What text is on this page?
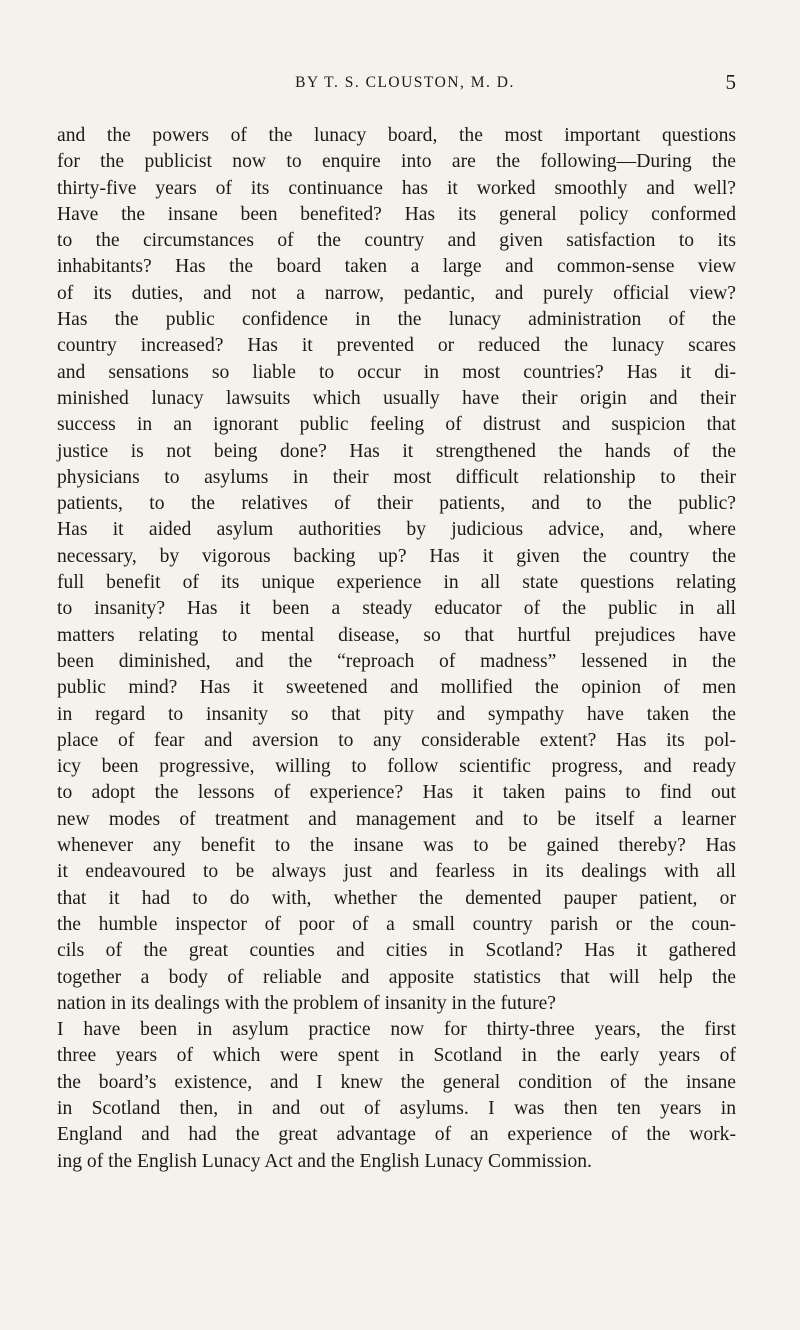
BY T. S. CLOUSTON, M. D.	5
and the powers of the lunacy board, the most important questions
for the publicist now to enquire into are the following—During the
thirty-five years of its continuance has it worked smoothly and well?
Have the insane been benefited? Has its general policy conformed
to the circumstances of the country and given satisfaction to its
inhabitants? Has the board taken a large and common-sense view
of its duties, and not a narrow, pedantic, and purely official view?
Has the public confidence in the lunacy administration of the
country increased? Has it prevented or reduced the lunacy scares
and sensations so liable to occur in most countries? Has it di-
minished lunacy lawsuits which usually have their origin and their
success in an ignorant public feeling of distrust and suspicion that
justice is not being done? Has it strengthened the hands of the
physicians to asylums in their most difficult relationship to their
patients, to the relatives of their patients, and to the public?
Has it aided asylum authorities by judicious advice, and, where
necessary, by vigorous backing up? Has it given the country the
full benefit of its unique experience in all state questions relating
to insanity? Has it been a steady educator of the public in all
matters relating to mental disease, so that hurtful prejudices have
been diminished, and the “reproach of madness” lessened in the
public mind? Has it sweetened and mollified the opinion of men
in regard to insanity so that pity and sympathy have taken the
place of fear and aversion to any considerable extent? Has its pol-
icy been progressive, willing to follow scientific progress, and ready
to adopt the lessons of experience? Has it taken pains to find out
new modes of treatment and management and to be itself a learner
whenever any benefit to the insane was to be gained thereby? Has
it endeavoured to be always just and fearless in its dealings with all
that it had to do with, whether the demented pauper patient, or
the humble inspector of poor of a small country parish or the coun-
cils of the great counties and cities in Scotland? Has it gathered
together a body of reliable and apposite statistics that will help the
nation in its dealings with the problem of insanity in the future?
I have been in asylum practice now for thirty-three years, the first
three years of which were spent in Scotland in the early years of
the board’s existence, and I knew the general condition of the insane
in Scotland then, in and out of asylums. I was then ten years in
England and had the great advantage of an experience of the work-
ing of the English Lunacy Act and the English Lunacy Commission.
